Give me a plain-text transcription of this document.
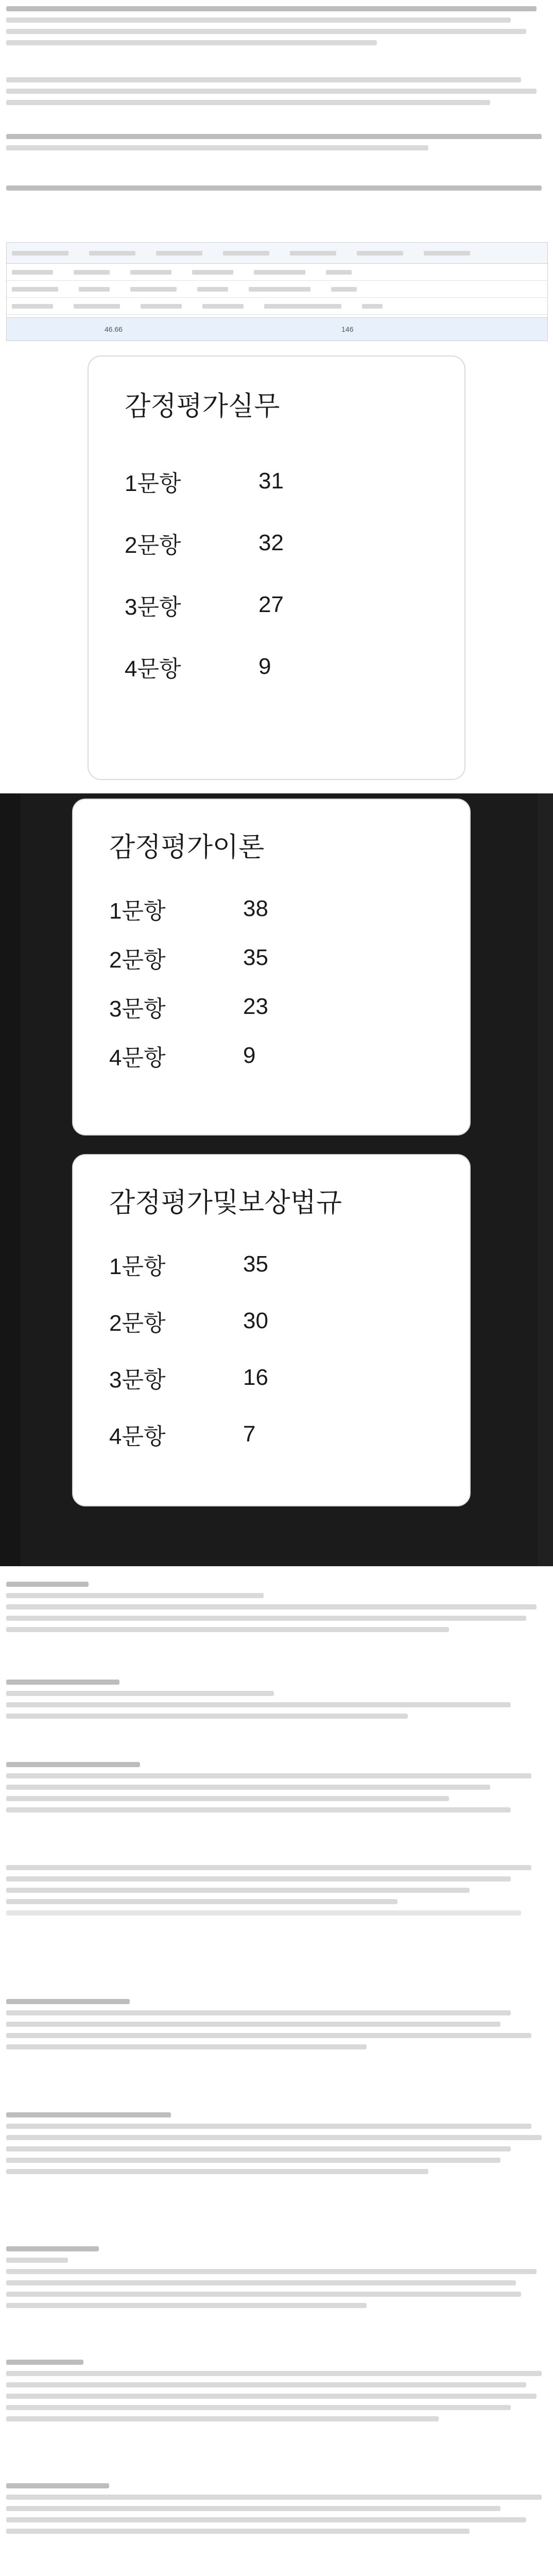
46.66	146
감정평가실무
1문항	31
2문항	32
3문항	27
4문항	9
감정평가이론
1문항	38
2문항	35
3문항	23
4문항	9
감정평가및보상법규
1문항	35
2문항	30
3문항	16
4문항	7
